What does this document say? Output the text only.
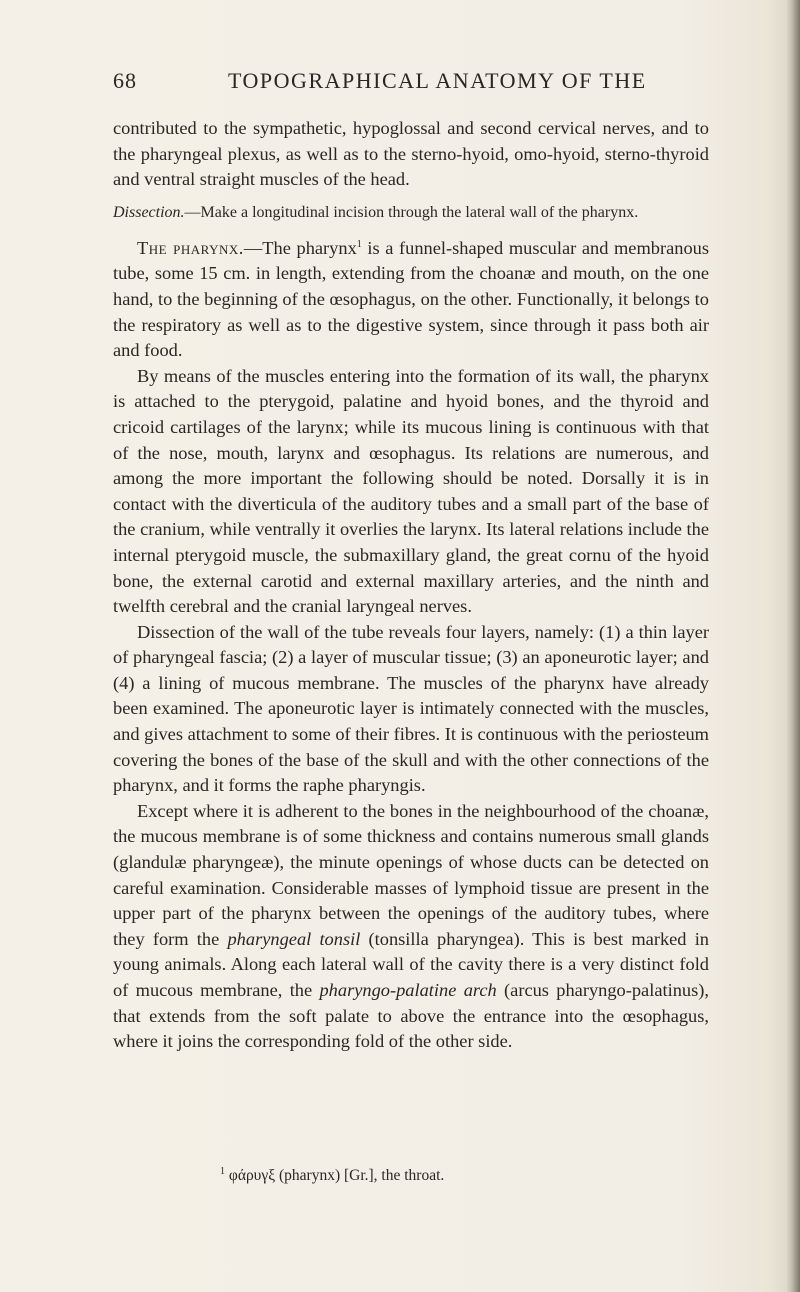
68	TOPOGRAPHICAL ANATOMY OF THE

contributed to the sympathetic, hypoglossal and second cervical nerves, and to the pharyngeal plexus, as well as to the sterno-hyoid, omo-hyoid, sterno-thyroid and ventral straight muscles of the head.

Dissection.—Make a longitudinal incision through the lateral wall of the pharynx.

The pharynx.—The pharynx$^1$ is a funnel-shaped muscular and membranous tube, some 15 cm. in length, extending from the choanæ and mouth, on the one hand, to the beginning of the œsophagus, on the other. Functionally, it belongs to the respiratory as well as to the digestive system, since through it pass both air and food.

By means of the muscles entering into the formation of its wall, the pharynx is attached to the pterygoid, palatine and hyoid bones, and the thyroid and cricoid cartilages of the larynx; while its mucous lining is continuous with that of the nose, mouth, larynx and œsophagus. Its relations are numerous, and among the more important the following should be noted. Dorsally it is in contact with the diverticula of the auditory tubes and a small part of the base of the cranium, while ventrally it overlies the larynx. Its lateral relations include the internal pterygoid muscle, the submaxillary gland, the great cornu of the hyoid bone, the external carotid and external maxillary arteries, and the ninth and twelfth cerebral and the cranial laryngeal nerves.

Dissection of the wall of the tube reveals four layers, namely: (1) a thin layer of pharyngeal fascia; (2) a layer of muscular tissue; (3) an aponeurotic layer; and (4) a lining of mucous membrane. The muscles of the pharynx have already been examined. The aponeurotic layer is intimately connected with the muscles, and gives attachment to some of their fibres. It is continuous with the periosteum covering the bones of the base of the skull and with the other connections of the pharynx, and it forms the raphe pharyngis.

Except where it is adherent to the bones in the neighbourhood of the choanæ, the mucous membrane is of some thickness and contains numerous small glands (glandulæ pharyngeæ), the minute openings of whose ducts can be detected on careful examination. Considerable masses of lymphoid tissue are present in the upper part of the pharynx between the openings of the auditory tubes, where they form the pharyngeal tonsil (tonsilla pharyngea). This is best marked in young animals. Along each lateral wall of the cavity there is a very distinct fold of mucous membrane, the pharyngo-palatine arch (arcus pharyngo-palatinus), that extends from the soft palate to above the entrance into the œsophagus, where it joins the corresponding fold of the other side.

$^1$ φάρυγξ (pharynx) [Gr.], the throat.
